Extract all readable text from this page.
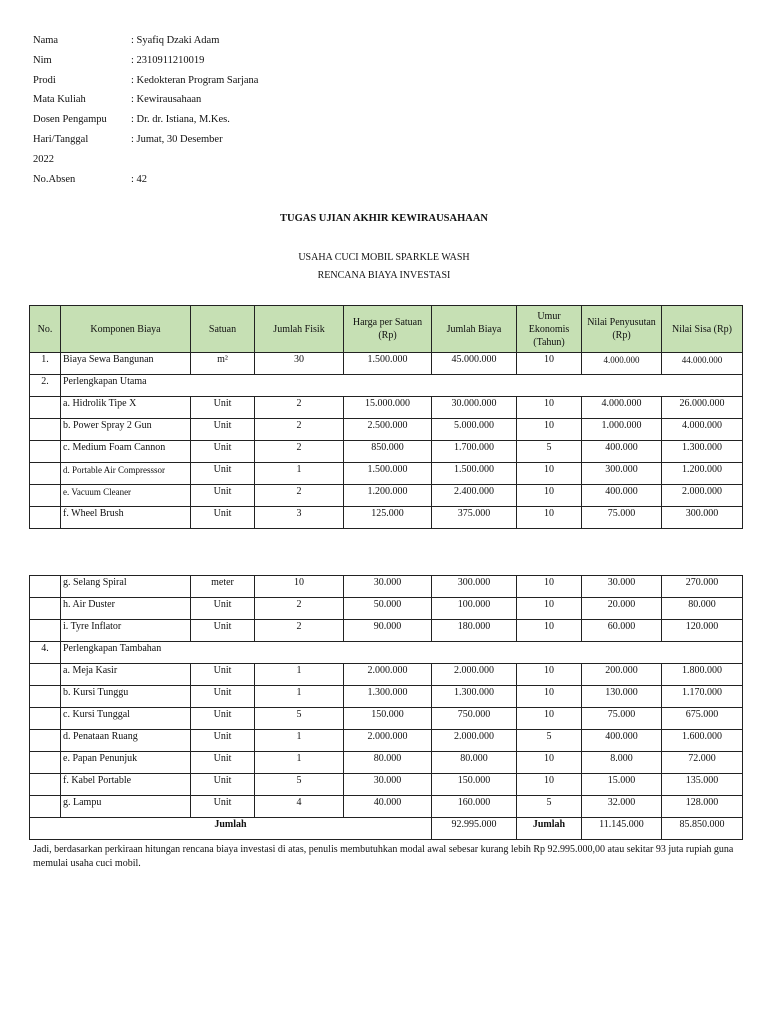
Nama	: Syafiq Dzaki Adam
Nim	: 2310911210019
Prodi	: Kedokteran Program Sarjana
Mata Kuliah	: Kewirausahaan
Dosen Pengampu : Dr. dr. Istiana, M.Kes.
Hari/Tanggal	: Jumat, 30 Desember
2022
No.Absen	: 42
TUGAS UJIAN AKHIR KEWIRAUSAHAAN
USAHA CUCI MOBIL SPARKLE WASH
RENCANA BIAYA INVESTASI
No.	Komponen Biaya	Satuan	Jumlah Fisik	Harga per Satuan (Rp)	Jumlah Biaya	Umur Ekonomis (Tahun)	Nilai Penyusutan (Rp)	Nilai Sisa (Rp)
1.	Biaya Sewa Bangunan	m²	30	1.500.000	45.000.000	10	4.000.000	44.000.000
2.	Perlengkapan Utama							
	a. Hidrolik Tipe X	Unit	2	15.000.000	30.000.000	10	4.000.000	26.000.000
	b. Power Spray 2 Gun	Unit	2	2.500.000	5.000.000	10	1.000.000	4.000.000
	c. Medium Foam Cannon	Unit	2	850.000	1.700.000	5	400.000	1.300.000
	d. Portable Air Compresssor	Unit	1	1.500.000	1.500.000	10	300.000	1.200.000
	e. Vacuum Cleaner	Unit	2	1.200.000	2.400.000	10	400.000	2.000.000
	f. Wheel Brush	Unit	3	125.000	375.000	10	75.000	300.000
	g. Selang Spiral	meter	10	30.000	300.000	10	30.000	270.000
	h. Air Duster	Unit	2	50.000	100.000	10	20.000	80.000
	i. Tyre Inflator	Unit	2	90.000	180.000	10	60.000	120.000
4.	Perlengkapan Tambahan							
	a. Meja Kasir	Unit	1	2.000.000	2.000.000	10	200.000	1.800.000
	b. Kursi Tunggu	Unit	1	1.300.000	1.300.000	10	130.000	1.170.000
	c. Kursi Tunggal	Unit	5	150.000	750.000	10	75.000	675.000
	d. Penataan Ruang	Unit	1	2.000.000	2.000.000	5	400.000	1.600.000
	e. Papan Penunjuk	Unit	1	80.000	80.000	10	8.000	72.000
	f. Kabel Portable	Unit	5	30.000	150.000	10	15.000	135.000
	g. Lampu	Unit	4	40.000	160.000	5	32.000	128.000
Jumlah					92.995.000	Jumlah	11.145.000	85.850.000
Jadi, berdasarkan perkiraan hitungan rencana biaya investasi di atas, penulis membutuhkan modal awal sebesar kurang lebih Rp 92.995.000,00 atau sekitar 93 juta rupiah guna memulai usaha cuci mobil.
